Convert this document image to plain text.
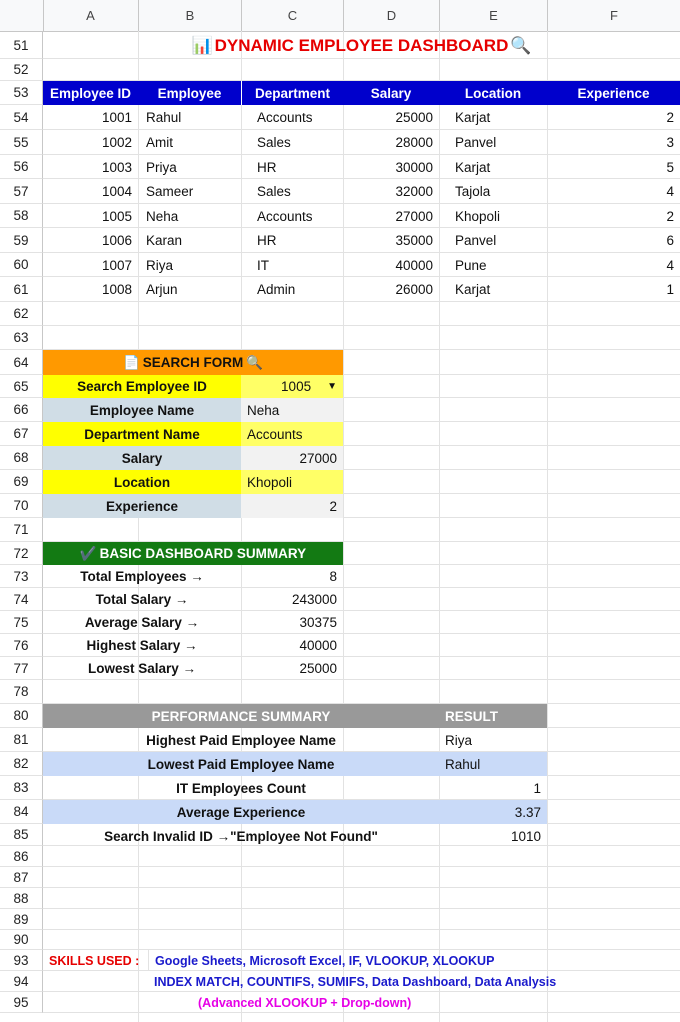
A	B	C	D	E	F
51
52
53
54
55
56
57
58
59
60
61
62
63
64
65
66
67
68
69
70
71
72
73
74
75
76
77
78
80
81
82
83
84
85
86
87
88
89
90
93
94
95
📊 DYNAMIC EMPLOYEE DASHBOARD 🔍
Employee ID	Employee	Department	Salary	Location	Experience
1001	Rahul	Accounts	25000	Karjat	2
1002	Amit	Sales	28000	Panvel	3
1003	Priya	HR	30000	Karjat	5
1004	Sameer	Sales	32000	Tajola	4
1005	Neha	Accounts	27000	Khopoli	2
1006	Karan	HR	35000	Panvel	6
1007	Riya	IT	40000	Pune	4
1008	Arjun	Admin	26000	Karjat	1
📄 SEARCH FORM 🔍
Search Employee ID	1005 ▼
Employee Name	Neha
Department Name	Accounts
Salary	27000
Location	Khopoli
Experience	2
✔️ BASIC DASHBOARD SUMMARY
Total Employees →	8
Total Salary →	243000
Average Salary →	30375
Highest Salary →	40000
Lowest Salary →	25000
PERFORMANCE SUMMARY	RESULT
Highest Paid Employee Name	Riya
Lowest Paid Employee Name	Rahul
IT Employees Count	1
Average Experience	3.37
Search Invalid ID →"Employee Not Found"	1010
SKILLS USED :	Google Sheets, Microsoft Excel, IF, VLOOKUP, XLOOKUP
INDEX MATCH, COUNTIFS, SUMIFS, Data Dashboard, Data Analysis
(Advanced XLOOKUP + Drop-down)
